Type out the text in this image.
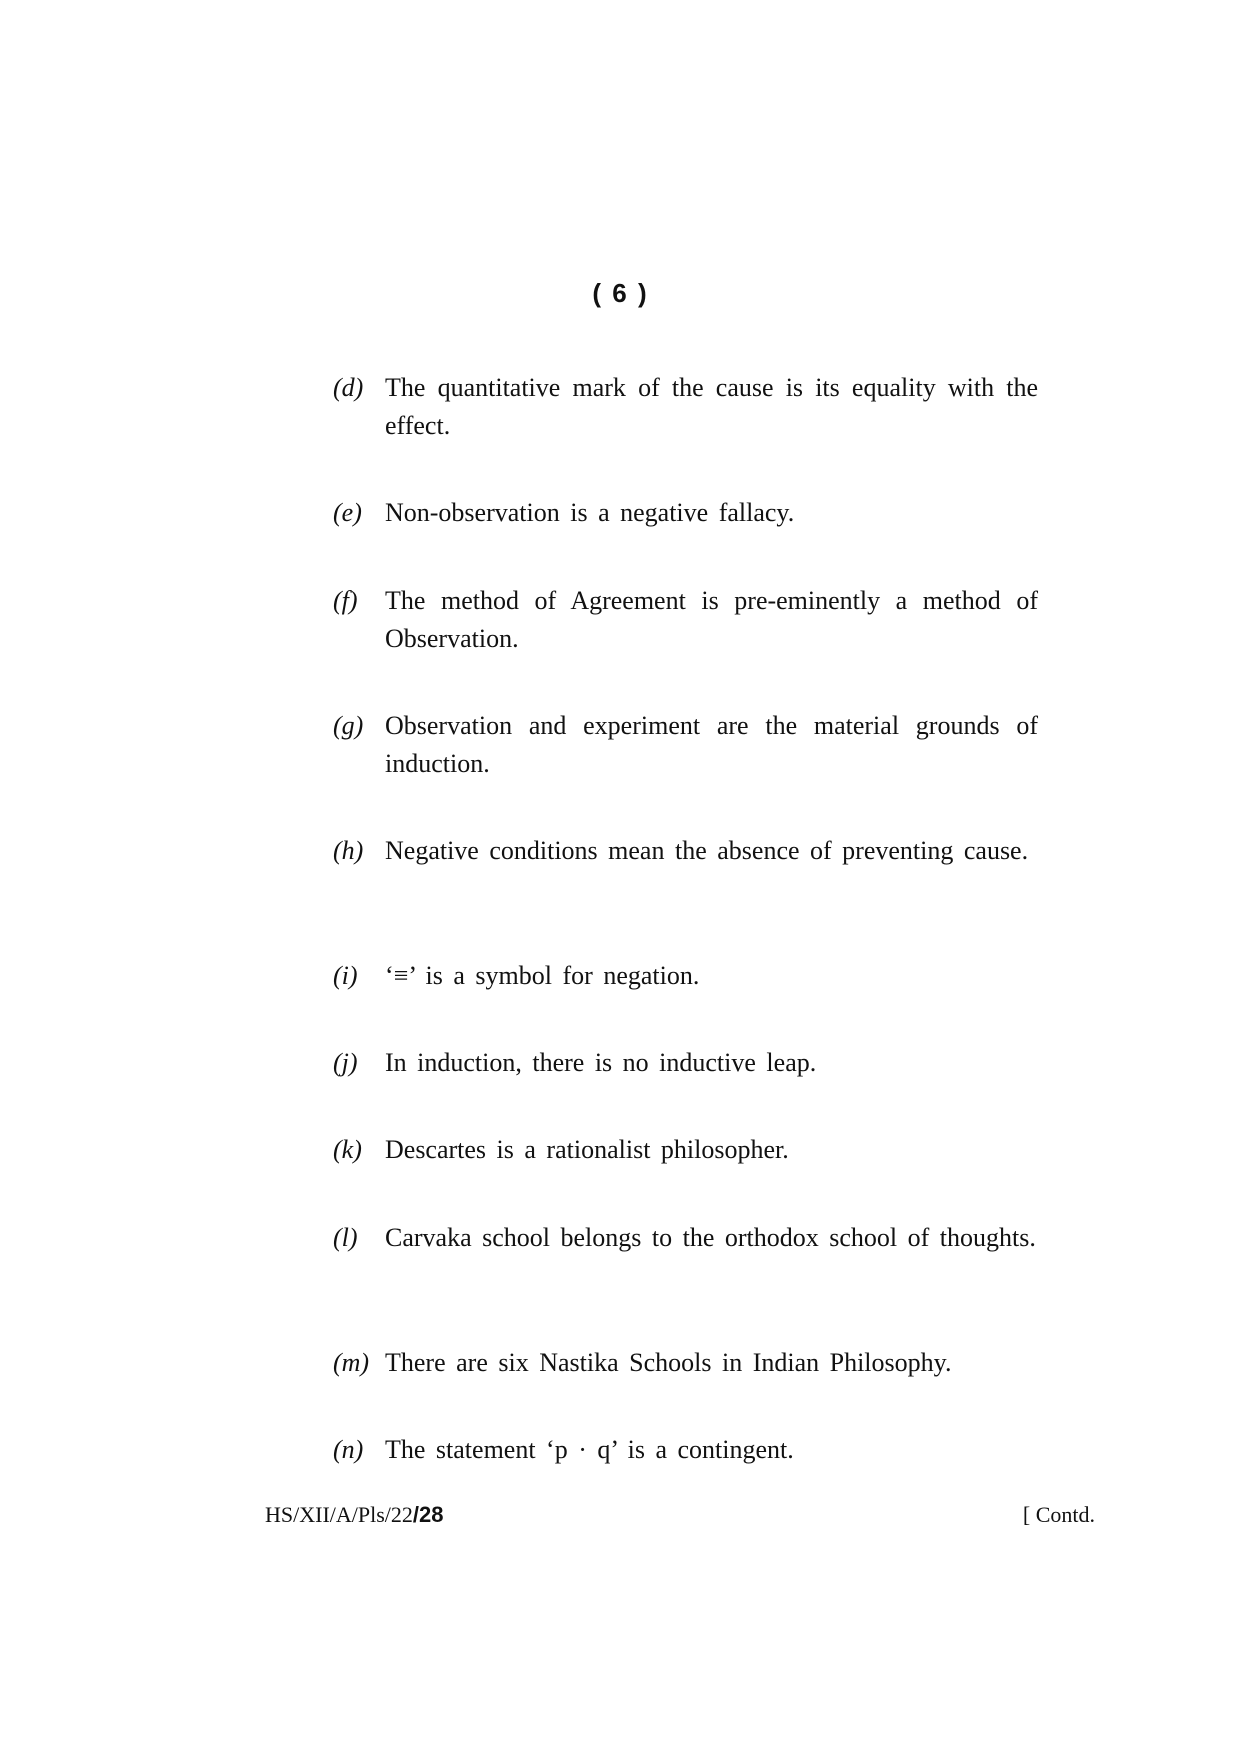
( 6 )
(d) The quantitative mark of the cause is its equality with the effect.
(e) Non-observation is a negative fallacy.
(f) The method of Agreement is pre-eminently a method of Observation.
(g) Observation and experiment are the material grounds of induction.
(h) Negative conditions mean the absence of preventing cause.
(i) ‘≡’ is a symbol for negation.
(j) In induction, there is no inductive leap.
(k) Descartes is a rationalist philosopher.
(l) Carvaka school belongs to the orthodox school of thoughts.
(m) There are six Nastika Schools in Indian Philosophy.
(n) The statement ‘p · q’ is a contingent.
HS/XII/A/Pls/22/28	[ Contd.
